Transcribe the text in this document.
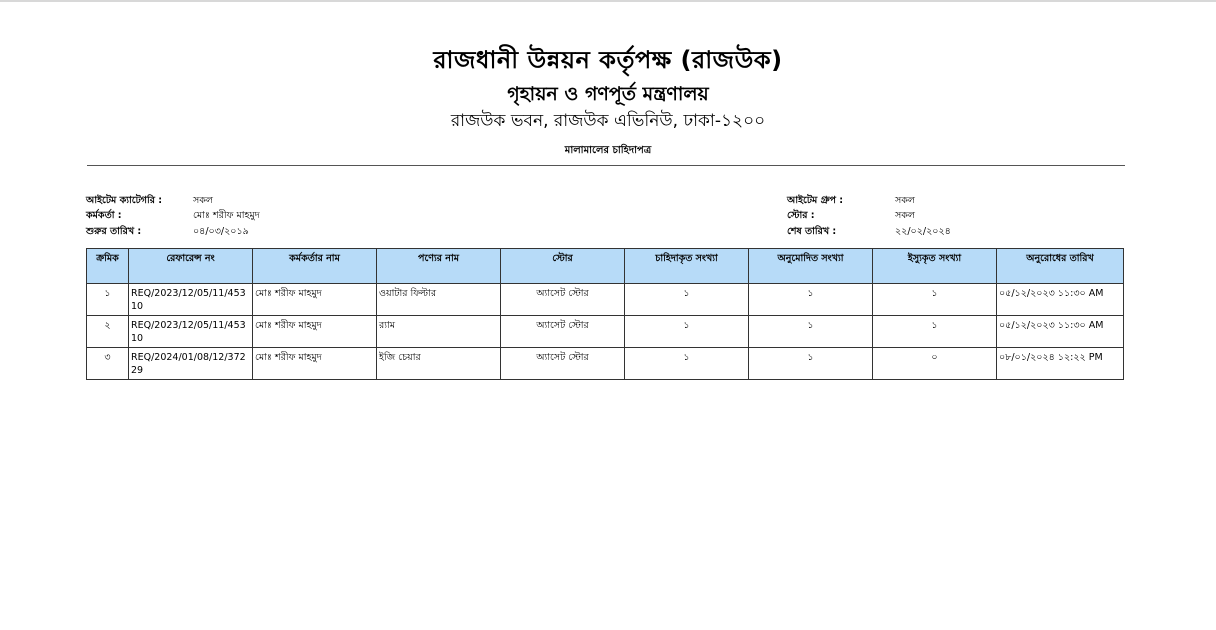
রাজধানী উন্নয়ন কর্তৃপক্ষ (রাজউক)
গৃহায়ন ও গণপূর্ত মন্ত্রণালয়
রাজউক ভবন, রাজউক এভিনিউ, ঢাকা-১২০০
মালামালের চাহিদাপত্র
আইটেম ক্যাটেগরি :	সকল
কর্মকর্তা :	মোঃ শরীফ মাহমুদ
শুরুর তারিখ :	০৪/০৩/২০১৯
আইটেম গ্রুপ :	সকল
স্টোর :	সকল
শেষ তারিখ :	২২/০২/২০২৪
ক্রমিক	রেফারেন্স নং	কর্মকর্তার নাম	পণ্যের নাম	স্টোর	চাহিদাকৃত সংখ্যা	অনুমোদিত সংখ্যা	ইস্যুকৃত সংখ্যা	অনুরোধের তারিখ
১	REQ/2023/12/05/11/45310	মোঃ শরীফ মাহমুদ	ওয়াটার ফিল্টার	অ্যাসেট স্টোর	১	১	১	০৫/১২/২০২৩ ১১:৩০ AM
২	REQ/2023/12/05/11/45310	মোঃ শরীফ মাহমুদ	র‍্যাম	অ্যাসেট স্টোর	১	১	১	০৫/১২/২০২৩ ১১:৩০ AM
৩	REQ/2024/01/08/12/37229	মোঃ শরীফ মাহমুদ	ইজি চেয়ার	অ্যাসেট স্টোর	১	১	০	০৮/০১/২০২৪ ১২:২২ PM
